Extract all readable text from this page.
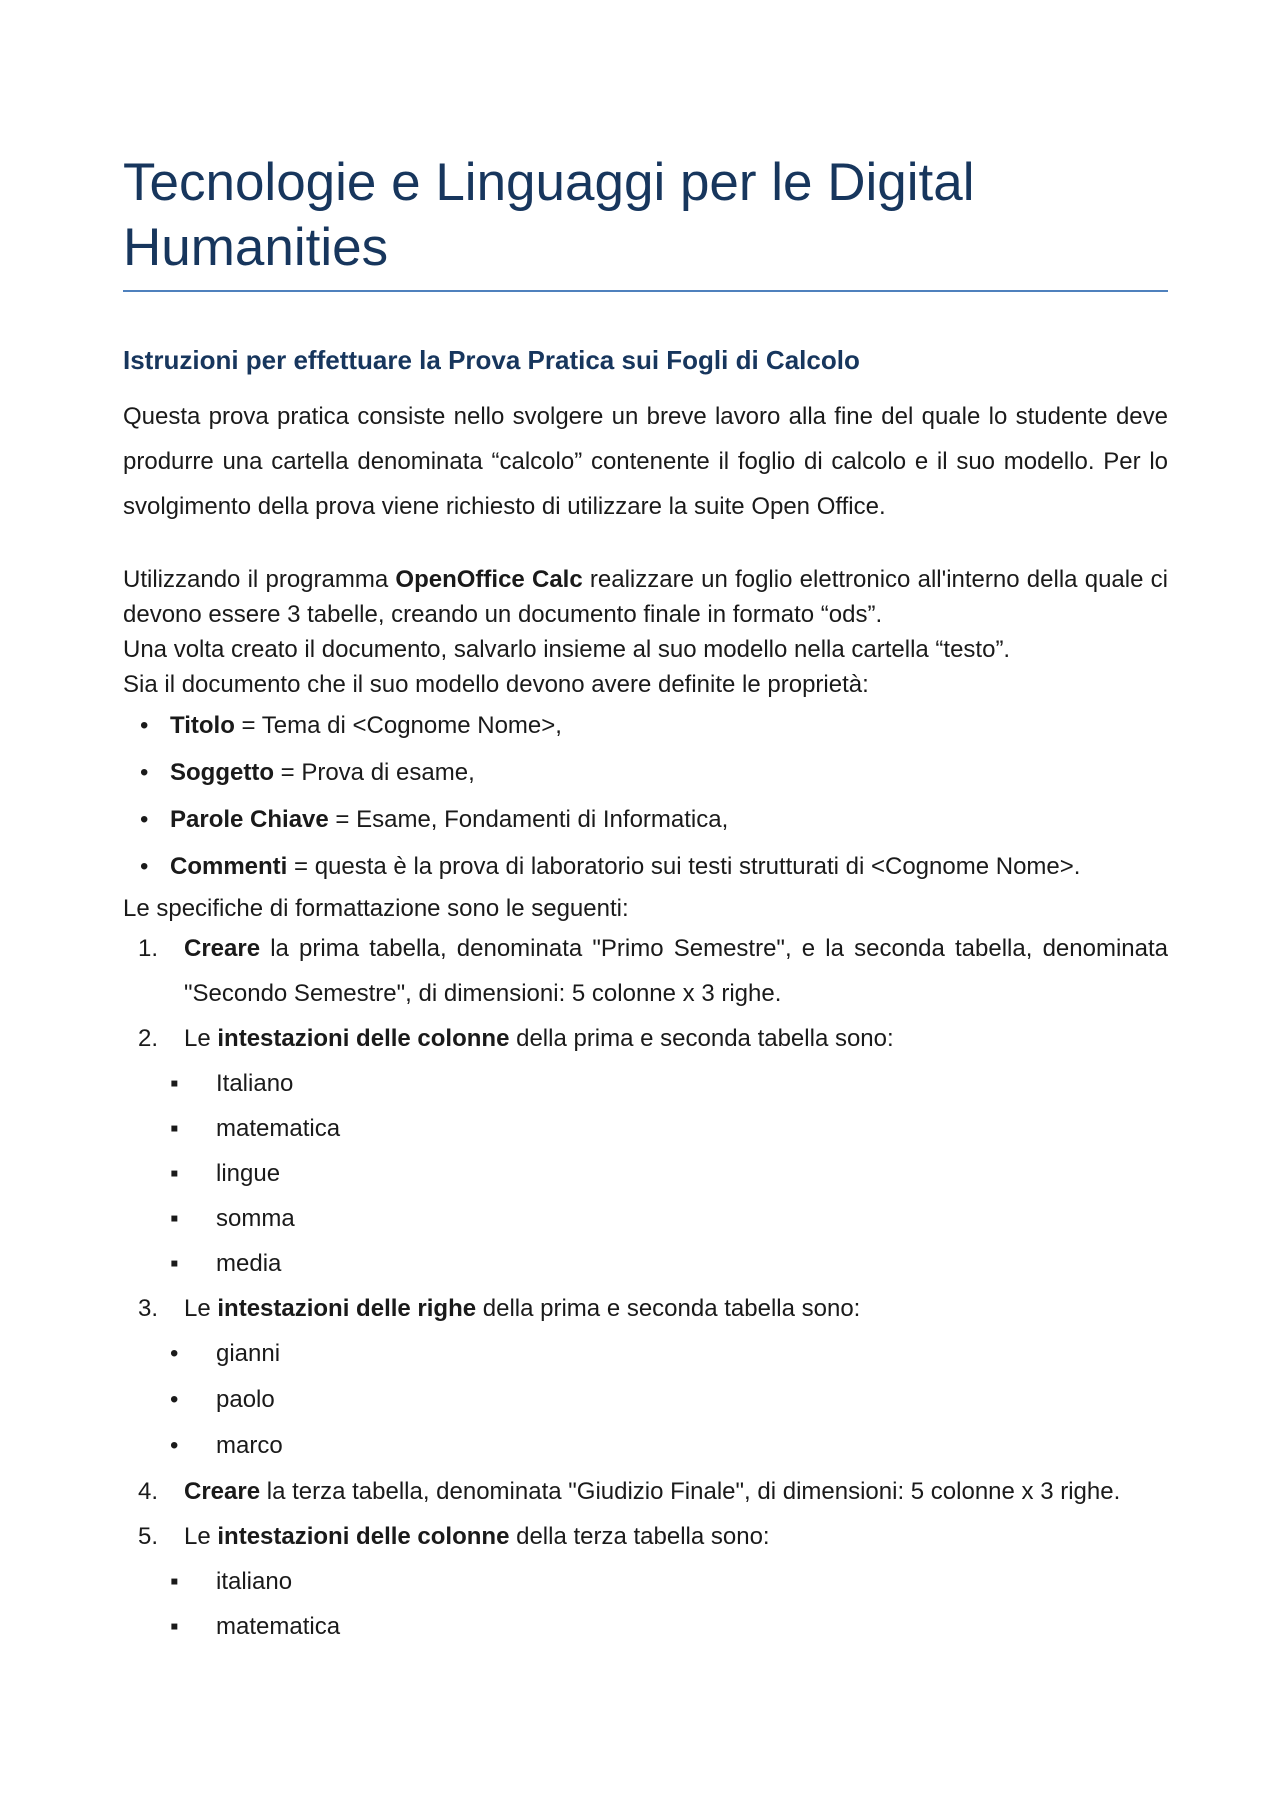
Tecnologie e Linguaggi per le Digital Humanities
Istruzioni per effettuare la Prova Pratica sui Fogli di Calcolo

Questa prova pratica consiste nello svolgere un breve lavoro alla fine del quale lo studente deve produrre una cartella denominata “calcolo” contenente il foglio di calcolo e il suo modello. Per lo svolgimento della prova viene richiesto di utilizzare la suite Open Office.

Utilizzando il programma OpenOffice Calc realizzare un foglio elettronico all'interno della quale ci devono essere 3 tabelle, creando un documento finale in formato “ods”.

Una volta creato il documento, salvarlo insieme al suo modello nella cartella “testo”.

Sia il documento che il suo modello devono avere definite le proprietà:

• Titolo = Tema di <Cognome Nome>,
• Soggetto = Prova di esame,
• Parole Chiave = Esame, Fondamenti di Informatica,
• Commenti = questa è la prova di laboratorio sui testi strutturati di <Cognome Nome>.

Le specifiche di formattazione sono le seguenti:

1. Creare la prima tabella, denominata "Primo Semestre", e la seconda tabella, denominata "Secondo Semestre", di dimensioni: 5 colonne x 3 righe.
2. Le intestazioni delle colonne della prima e seconda tabella sono:
▪ Italiano
▪ matematica
▪ lingue
▪ somma
▪ media
3. Le intestazioni delle righe della prima e seconda tabella sono:
• gianni
• paolo
• marco
4. Creare la terza tabella, denominata "Giudizio Finale", di dimensioni: 5 colonne x 3 righe.
5. Le intestazioni delle colonne della terza tabella sono:
▪ italiano
▪ matematica
